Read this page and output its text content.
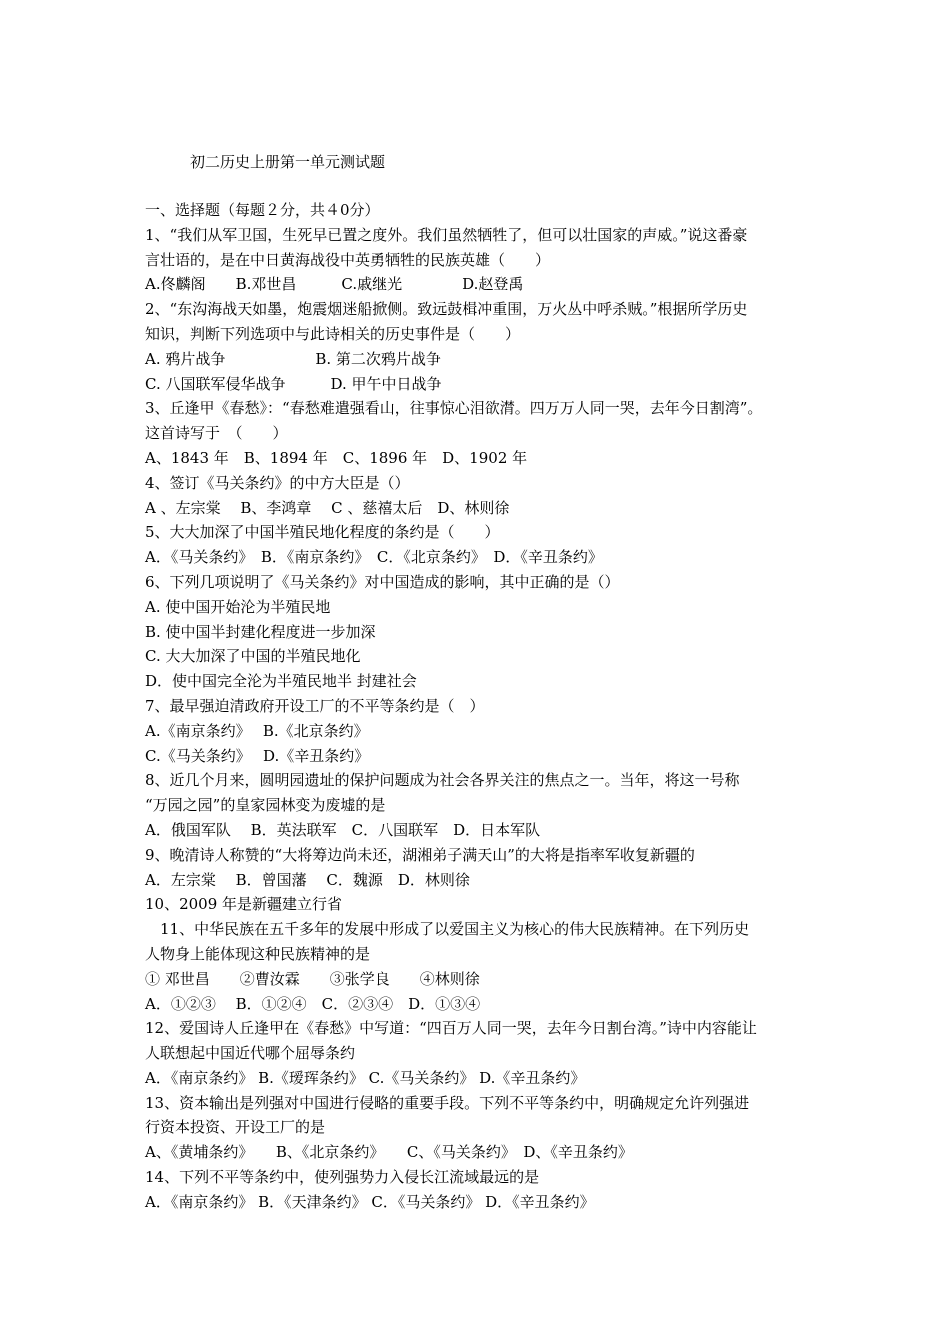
初二历史上册第一单元测试题
一、选择题（每题２分，共４0分）
1、“我们从军卫国，生死早已置之度外。我们虽然牺牲了，但可以壮国家的声威。”说这番豪
言壮语的，是在中日黄海战役中英勇牺牲的民族英雄（　　）
A.佟麟阁　　B.邓世昌　　　C.戚继光　　　　D.赵登禹
2、“东沟海战天如墨，炮震烟迷船掀侧。致远鼓楫冲重围，万火丛中呼杀贼。”根据所学历史
知识，判断下列选项中与此诗相关的历史事件是（　　）
A. 鸦片战争　　　　　　B. 第二次鸦片战争
C. 八国联军侵华战争　　　D. 甲午中日战争
3、丘逢甲《春愁》：“春愁难遣强看山，往事惊心泪欲潸。四万万人同一哭，去年今日割湾”。
这首诗写于　（　　）
A、1843 年　B、1894 年　C、1896 年　D、1902 年
4、签订《马关条约》的中方大臣是（）
A 、左宗棠　 B、李鸿章　 C 、慈禧太后　D、林则徐
5、大大加深了中国半殖民地化程度的条约是（　　）
A．《马关条约》　B．《南京条约》　C．《北京条约》　D．《辛丑条约》
6、下列几项说明了《马关条约》对中国造成的影响，其中正确的是（）
A. 使中国开始沦为半殖民地
B. 使中国半封建化程度进一步加深
C. 大大加深了中国的半殖民地化
D．使中国完全沦为半殖民地半 封建社会
7、最早强迫清政府开设工厂的不平等条约是（　）
A.《南京条约》　 B.《北京条约》
C.《马关条约》　 D.《辛丑条约》
8、近几个月来，圆明园遗址的保护问题成为社会各界关注的焦点之一。当年，将这一号称
“万园之园”的皇家园林变为废墟的是
A．俄国军队　 B．英法联军　C．八国联军　D．日本军队
9、晚清诗人称赞的“大将筹边尚未还，湖湘弟子满天山”的大将是指率军收复新疆的
A．左宗棠　 B．曾国藩　 C．魏源　D．林则徐
10、2009 年是新疆建立行省
11、中华民族在五千多年的发展中形成了以爱国主义为核心的伟大民族精神。在下列历史
人物身上能体现这种民族精神的是
① 邓世昌　　②曹汝霖　　③张学良　　④林则徐
A．①②③　 B．①②④　C．②③④　D．①③④
12、爱国诗人丘逢甲在《春愁》中写道：“四百万人同一哭，去年今日割台湾。”诗中内容能让
人联想起中国近代哪个屈辱条约
A．《南京条约》 B.《瑷珲条约》 C.《马关条约》 D.《辛丑条约》
13、资本输出是列强对中国进行侵略的重要手段。下列不平等条约中，明确规定允许列强进
行资本投资、开设工厂的是
A、《黄埔条约》　　B、《北京条约》　　C、《马关条约》　D、《辛丑条约》
14、下列不平等条约中，使列强势力入侵长江流域最远的是
A．《南京条约》 B．《天津条约》 C．《马关条约》 D．《辛丑条约》
